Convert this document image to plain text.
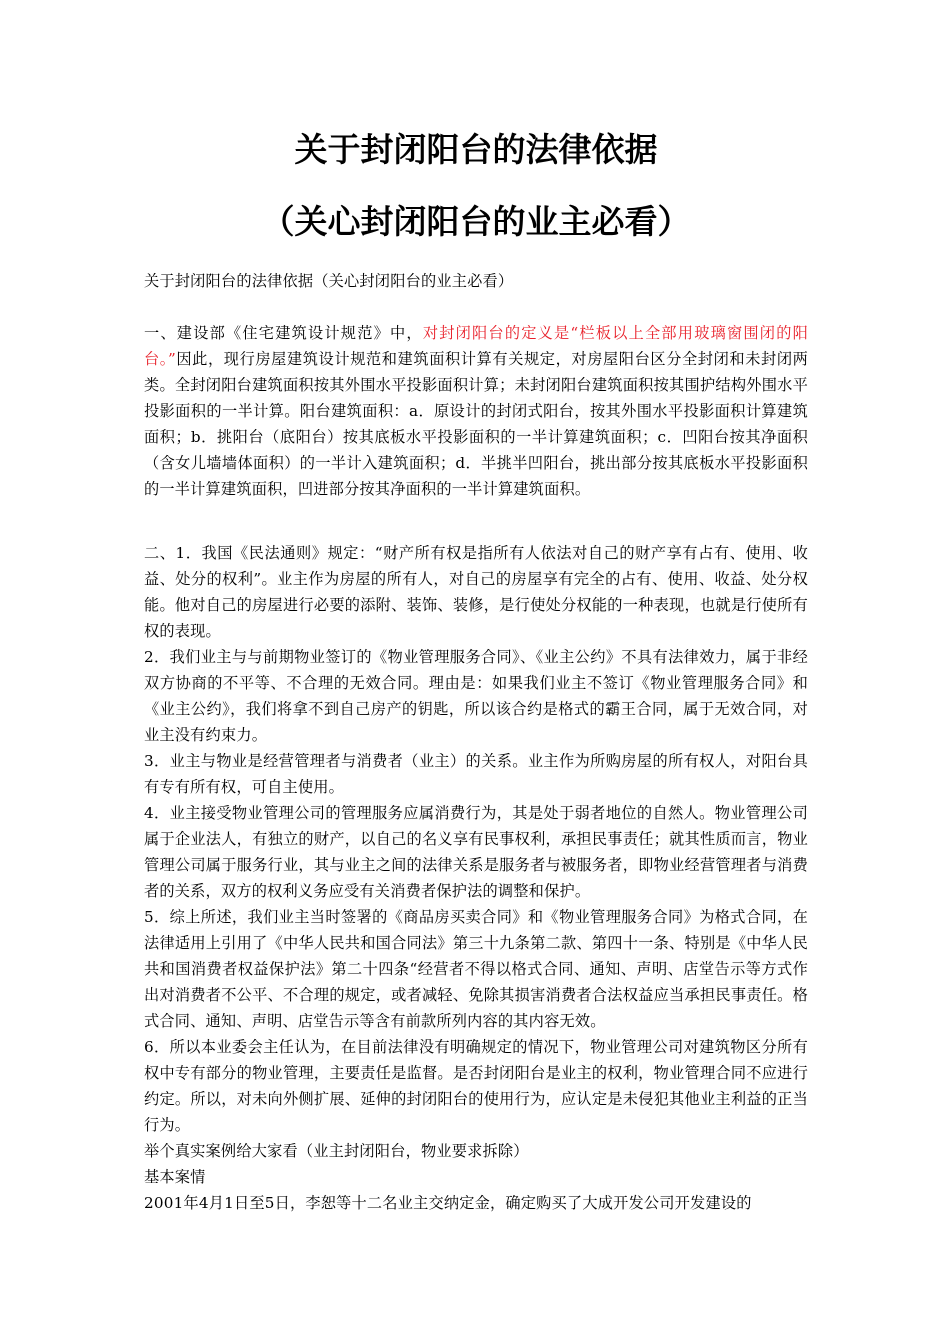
关于封闭阳台的法律依据
（关心封闭阳台的业主必看）

关于封闭阳台的法律依据（关心封闭阳台的业主必看）

一、建设部《住宅建筑设计规范》中，对封闭阳台的定义是“栏板以上全部用玻璃窗围闭的阳台。”因此，现行房屋建筑设计规范和建筑面积计算有关规定，对房屋阳台区分全封闭和未封闭两类。全封闭阳台建筑面积按其外围水平投影面积计算；未封闭阳台建筑面积按其围护结构外围水平投影面积的一半计算。阳台建筑面积：a．原设计的封闭式阳台，按其外围水平投影面积计算建筑面积；b．挑阳台（底阳台）按其底板水平投影面积的一半计算建筑面积；c．凹阳台按其净面积（含女儿墙墙体面积）的一半计入建筑面积；d．半挑半凹阳台，挑出部分按其底板水平投影面积的一半计算建筑面积，凹进部分按其净面积的一半计算建筑面积。

二、1．我国《民法通则》规定：“财产所有权是指所有人依法对自己的财产享有占有、使用、收益、处分的权利”。业主作为房屋的所有人，对自己的房屋享有完全的占有、使用、收益、处分权能。他对自己的房屋进行必要的添附、装饰、装修，是行使处分权能的一种表现，也就是行使所有权的表现。

2．我们业主与与前期物业签订的《物业管理服务合同》、《业主公约》不具有法律效力，属于非经双方协商的不平等、不合理的无效合同。理由是：如果我们业主不签订《物业管理服务合同》和《业主公约》，我们将拿不到自己房产的钥匙，所以该合约是格式的霸王合同，属于无效合同，对业主没有约束力。

3．业主与物业是经营管理者与消费者（业主）的关系。业主作为所购房屋的所有权人，对阳台具有专有所有权，可自主使用。

4．业主接受物业管理公司的管理服务应属消费行为，其是处于弱者地位的自然人。物业管理公司属于企业法人，有独立的财产，以自己的名义享有民事权利，承担民事责任；就其性质而言，物业管理公司属于服务行业，其与业主之间的法律关系是服务者与被服务者，即物业经营管理者与消费者的关系，双方的权利义务应受有关消费者保护法的调整和保护。

5．综上所述，我们业主当时签署的《商品房买卖合同》和《物业管理服务合同》为格式合同，在法律适用上引用了《中华人民共和国合同法》第三十九条第二款、第四十一条、特别是《中华人民共和国消费者权益保护法》第二十四条“经营者不得以格式合同、通知、声明、店堂告示等方式作出对消费者不公平、不合理的规定，或者减轻、免除其损害消费者合法权益应当承担民事责任。格式合同、通知、声明、店堂告示等含有前款所列内容的其内容无效。

6．所以本业委会主任认为，在目前法律没有明确规定的情况下，物业管理公司对建筑物区分所有权中专有部分的物业管理，主要责任是监督。是否封闭阳台是业主的权利，物业管理合同不应进行约定。所以，对未向外侧扩展、延伸的封闭阳台的使用行为，应认定是未侵犯其他业主利益的正当行为。

举个真实案例给大家看（业主封闭阳台，物业要求拆除）

基本案情

2001年4月1日至5日，李恕等十二名业主交纳定金，确定购买了大成开发公司开发建设的
